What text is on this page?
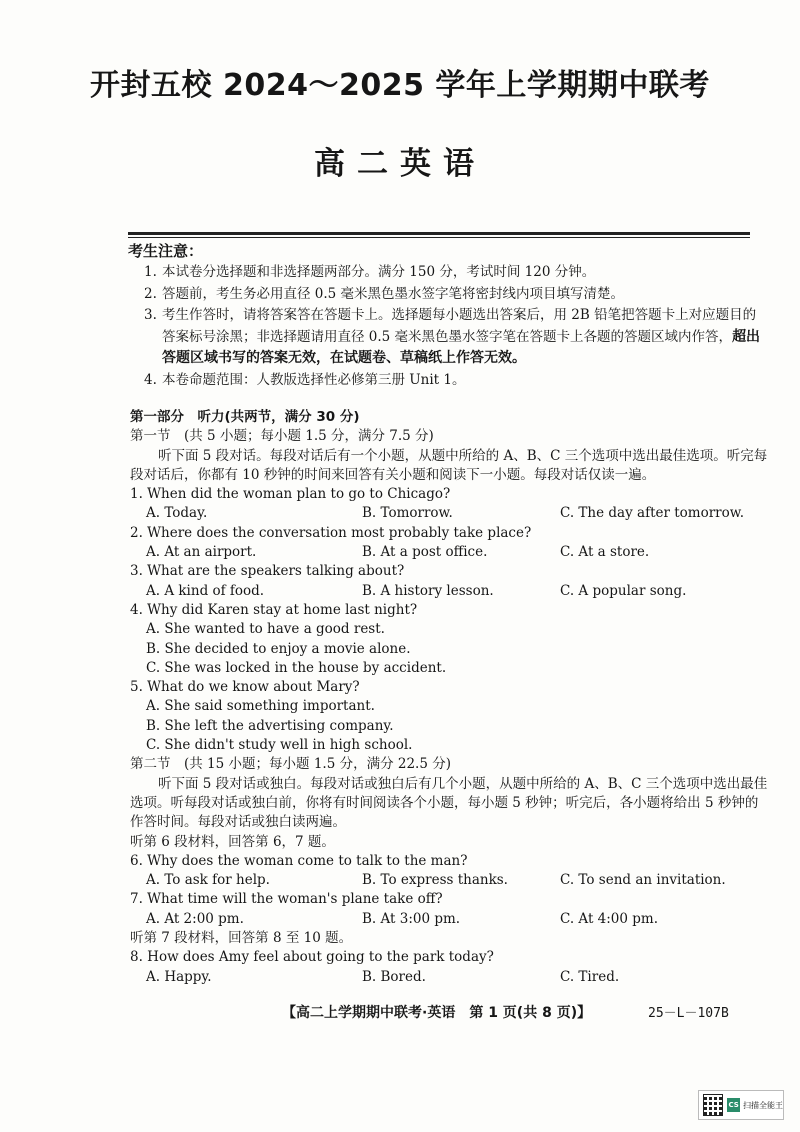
开封五校 2024～2025 学年上学期期中联考
高二英语
考生注意：
1. 本试卷分选择题和非选择题两部分。满分 150 分，考试时间 120 分钟。
2. 答题前，考生务必用直径 0.5 毫米黑色墨水签字笔将密封线内项目填写清楚。
3. 考生作答时，请将答案答在答题卡上。选择题每小题选出答案后，用 2B 铅笔把答题卡上对应题目的答案标号涂黑；非选择题请用直径 0.5 毫米黑色墨水签字笔在答题卡上各题的答题区域内作答，超出答题区域书写的答案无效，在试题卷、草稿纸上作答无效。
4. 本卷命题范围：人教版选择性必修第三册 Unit 1。
第一部分　听力(共两节，满分 30 分)
第一节　(共 5 小题；每小题 1.5 分，满分 7.5 分)
听下面 5 段对话。每段对话后有一个小题，从题中所给的 A、B、C 三个选项中选出最佳选项。听完每段对话后，你都有 10 秒钟的时间来回答有关小题和阅读下一小题。每段对话仅读一遍。
1. When did the woman plan to go to Chicago?
A. Today.	B. Tomorrow.	C. The day after tomorrow.
2. Where does the conversation most probably take place?
A. At an airport.	B. At a post office.	C. At a store.
3. What are the speakers talking about?
A. A kind of food.	B. A history lesson.	C. A popular song.
4. Why did Karen stay at home last night?
A. She wanted to have a good rest.
B. She decided to enjoy a movie alone.
C. She was locked in the house by accident.
5. What do we know about Mary?
A. She said something important.
B. She left the advertising company.
C. She didn't study well in high school.
第二节　(共 15 小题；每小题 1.5 分，满分 22.5 分)
听下面 5 段对话或独白。每段对话或独白后有几个小题，从题中所给的 A、B、C 三个选项中选出最佳选项。听每段对话或独白前，你将有时间阅读各个小题，每小题 5 秒钟；听完后，各小题将给出 5 秒钟的作答时间。每段对话或独白读两遍。
听第 6 段材料，回答第 6，7 题。
6. Why does the woman come to talk to the man?
A. To ask for help.	B. To express thanks.	C. To send an invitation.
7. What time will the woman's plane take off?
A. At 2:00 pm.	B. At 3:00 pm.	C. At 4:00 pm.
听第 7 段材料，回答第 8 至 10 题。
8. How does Amy feel about going to the park today?
A. Happy.	B. Bored.	C. Tired.
【高二上学期期中联考·英语　第 1 页(共 8 页)】	25－L－107B
CS 扫描全能王
